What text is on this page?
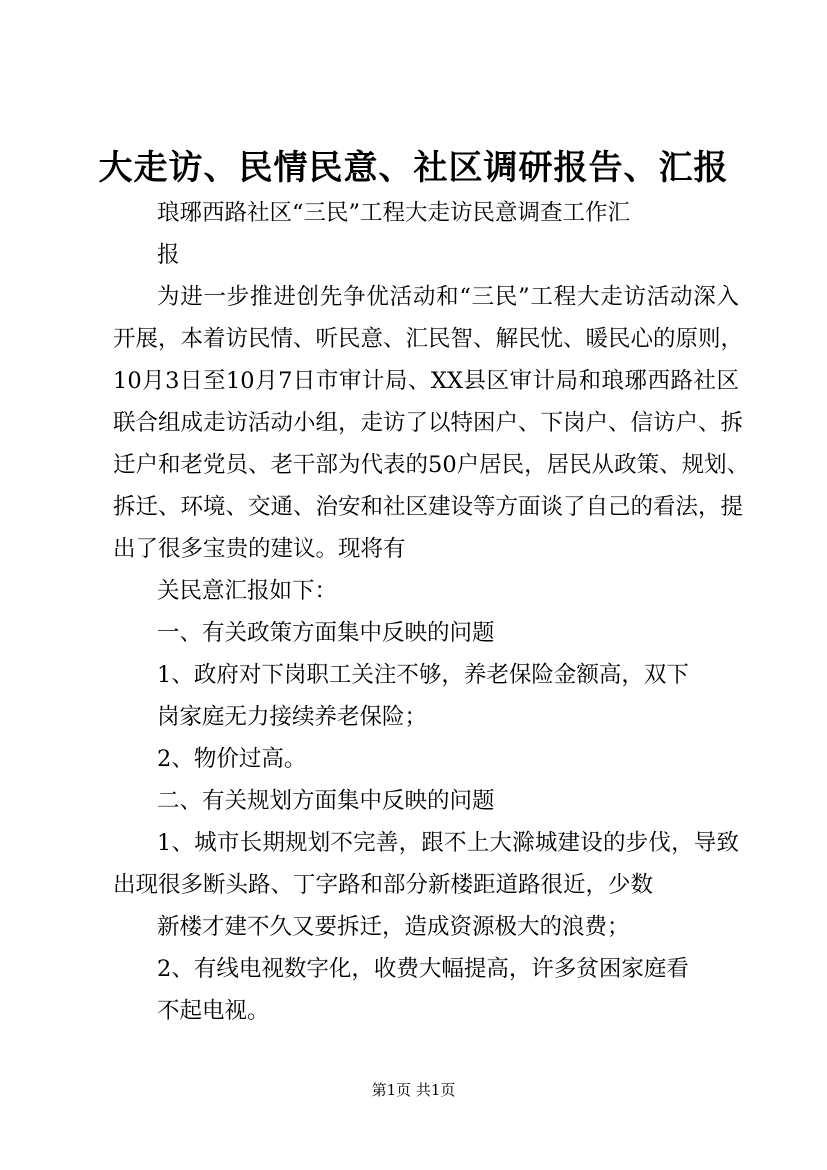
大走访、民情民意、社区调研报告、汇报
琅琊西路社区“三民”工程大走访民意调查工作汇
报
为进一步推进创先争优活动和“三民”工程大走访活动深入
开展，本着访民情、听民意、汇民智、解民忧、暖民心的原则，
10月3日至10月7日市审计局、XX县区审计局和琅琊西路社区
联合组成走访活动小组，走访了以特困户、下岗户、信访户、拆
迁户和老党员、老干部为代表的50户居民，居民从政策、规划、
拆迁、环境、交通、治安和社区建设等方面谈了自己的看法，提
出了很多宝贵的建议。现将有
关民意汇报如下：
一、有关政策方面集中反映的问题
1、政府对下岗职工关注不够，养老保险金额高，双下
岗家庭无力接续养老保险；
2、物价过高。
二、有关规划方面集中反映的问题
1、城市长期规划不完善，跟不上大滁城建设的步伐，导致
出现很多断头路、丁字路和部分新楼距道路很近，少数
新楼才建不久又要拆迁，造成资源极大的浪费；
2、有线电视数字化，收费大幅提高，许多贫困家庭看
不起电视。
第1页 共1页
